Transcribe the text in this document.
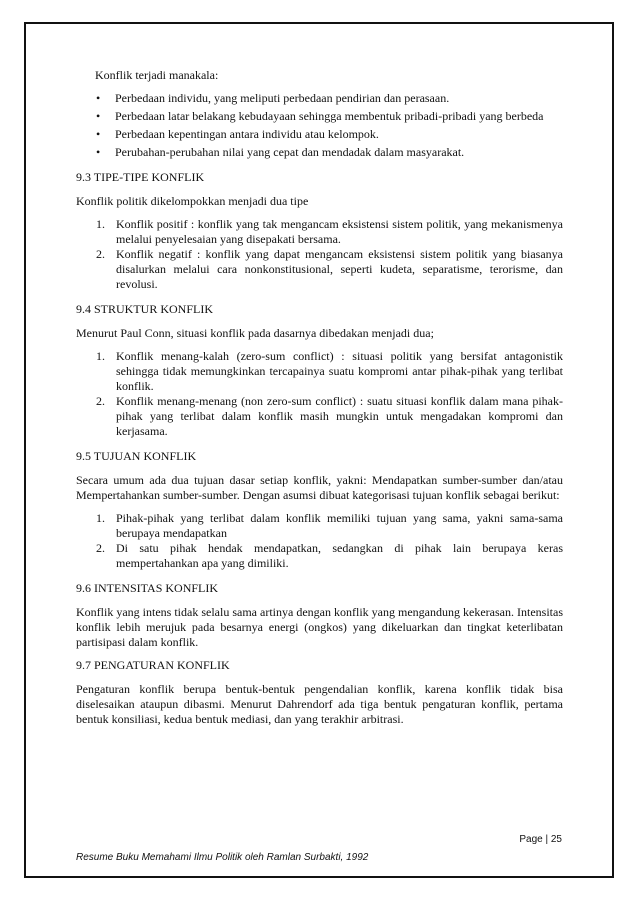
Konflik terjadi manakala:

• Perbedaan individu, yang meliputi perbedaan pendirian dan perasaan.
• Perbedaan latar belakang kebudayaan sehingga membentuk pribadi-pribadi yang berbeda
• Perbedaan kepentingan antara individu atau kelompok.
• Perubahan-perubahan nilai yang cepat dan mendadak dalam masyarakat.
9.3 TIPE-TIPE KONFLIK

Konflik politik dikelompokkan menjadi dua tipe

1. Konflik positif : konflik yang tak mengancam eksistensi sistem politik, yang mekanismenya melalui penyelesaian yang disepakati bersama.
2. Konflik negatif : konflik yang dapat mengancam eksistensi sistem politik yang biasanya disalurkan melalui cara nonkonstitusional, seperti kudeta, separatisme, terorisme, dan revolusi.
9.4 STRUKTUR KONFLIK

Menurut Paul Conn, situasi konflik pada dasarnya dibedakan menjadi dua;

1. Konflik menang-kalah (zero-sum conflict) : situasi politik yang bersifat antagonistik sehingga tidak memungkinkan tercapainya suatu kompromi antar pihak-pihak yang terlibat konflik.
2. Konflik menang-menang (non zero-sum conflict) : suatu situasi konflik dalam mana pihak-pihak yang terlibat dalam konflik masih mungkin untuk mengadakan kompromi dan kerjasama.
9.5 TUJUAN KONFLIK

Secara umum ada dua tujuan dasar setiap konflik, yakni: Mendapatkan sumber-sumber dan/atau Mempertahankan sumber-sumber. Dengan asumsi dibuat kategorisasi tujuan konflik sebagai berikut:

1. Pihak-pihak yang terlibat dalam konflik memiliki tujuan yang sama, yakni sama-sama berupaya mendapatkan
2. Di satu pihak hendak mendapatkan, sedangkan di pihak lain berupaya keras mempertahankan apa yang dimiliki.
9.6 INTENSITAS KONFLIK

Konflik yang intens tidak selalu sama artinya dengan konflik yang mengandung kekerasan. Intensitas konflik lebih merujuk pada besarnya energi (ongkos) yang dikeluarkan dan tingkat keterlibatan partisipasi dalam konflik.

9.7 PENGATURAN KONFLIK

Pengaturan konflik berupa bentuk-bentuk pengendalian konflik, karena konflik tidak bisa diselesaikan ataupun dibasmi. Menurut Dahrendorf ada tiga bentuk pengaturan konflik, pertama bentuk konsiliasi, kedua bentuk mediasi, dan yang terakhir arbitrasi.

Page | 25
Resume Buku Memahami Ilmu Politik oleh Ramlan Surbakti, 1992
